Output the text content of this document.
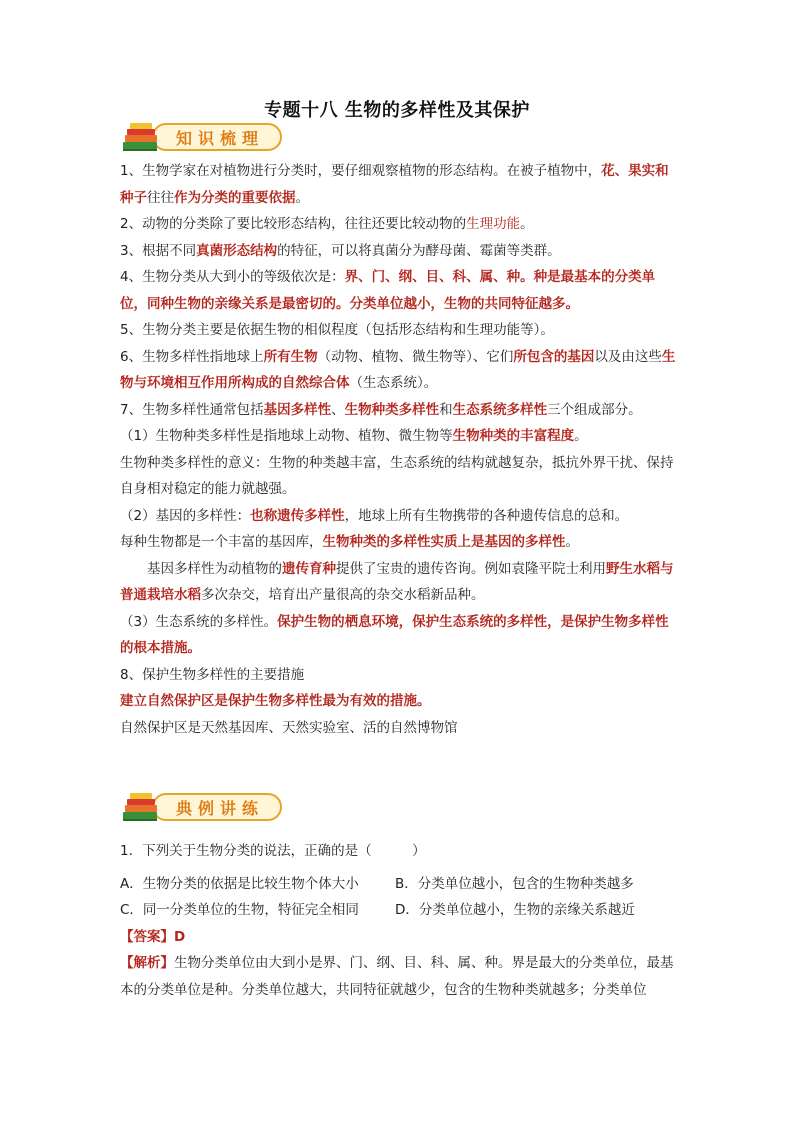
专题十八 生物的多样性及其保护
知识梳理

1、生物学家在对植物进行分类时，要仔细观察植物的形态结构。在被子植物中，花、果实和种子往往作为分类的重要依据。

2、动物的分类除了要比较形态结构，往往还要比较动物的生理功能。

3、根据不同真菌形态结构的特征，可以将真菌分为酵母菌、霉菌等类群。

4、生物分类从大到小的等级依次是：界、门、纲、目、科、属、种。种是最基本的分类单位，同种生物的亲缘关系是最密切的。分类单位越小，生物的共同特征越多。

5、生物分类主要是依据生物的相似程度（包括形态结构和生理功能等）。

6、生物多样性指地球上所有生物（动物、植物、微生物等）、它们所包含的基因以及由这些生物与环境相互作用所构成的自然综合体（生态系统）。

7、生物多样性通常包括基因多样性、生物种类多样性和生态系统多样性三个组成部分。

（1）生物种类多样性是指地球上动物、植物、微生物等生物种类的丰富程度。

生物种类多样性的意义：生物的种类越丰富，生态系统的结构就越复杂，抵抗外界干扰、保持自身相对稳定的能力就越强。

（2）基因的多样性：也称遗传多样性，地球上所有生物携带的各种遗传信息的总和。

每种生物都是一个丰富的基因库，生物种类的多样性实质上是基因的多样性。

基因多样性为动植物的遗传育种提供了宝贵的遗传咨询。例如袁隆平院士利用野生水稻与普通栽培水稻多次杂交，培育出产量很高的杂交水稻新品种。

（3）生态系统的多样性。保护生物的栖息环境，保护生态系统的多样性，是保护生物多样性的根本措施。

8、保护生物多样性的主要措施

建立自然保护区是保护生物多样性最为有效的措施。

自然保护区是天然基因库、天然实验室、活的自然博物馆

典例讲练

1．下列关于生物分类的说法，正确的是（　　　）

A．生物分类的依据是比较生物个体大小	B．分类单位越小，包含的生物种类越多
C．同一分类单位的生物，特征完全相同	D．分类单位越小，生物的亲缘关系越近

【答案】D

【解析】生物分类单位由大到小是界、门、纲、目、科、属、种。界是最大的分类单位，最基本的分类单位是种。分类单位越大，共同特征就越少，包含的生物种类就越多；分类单位
